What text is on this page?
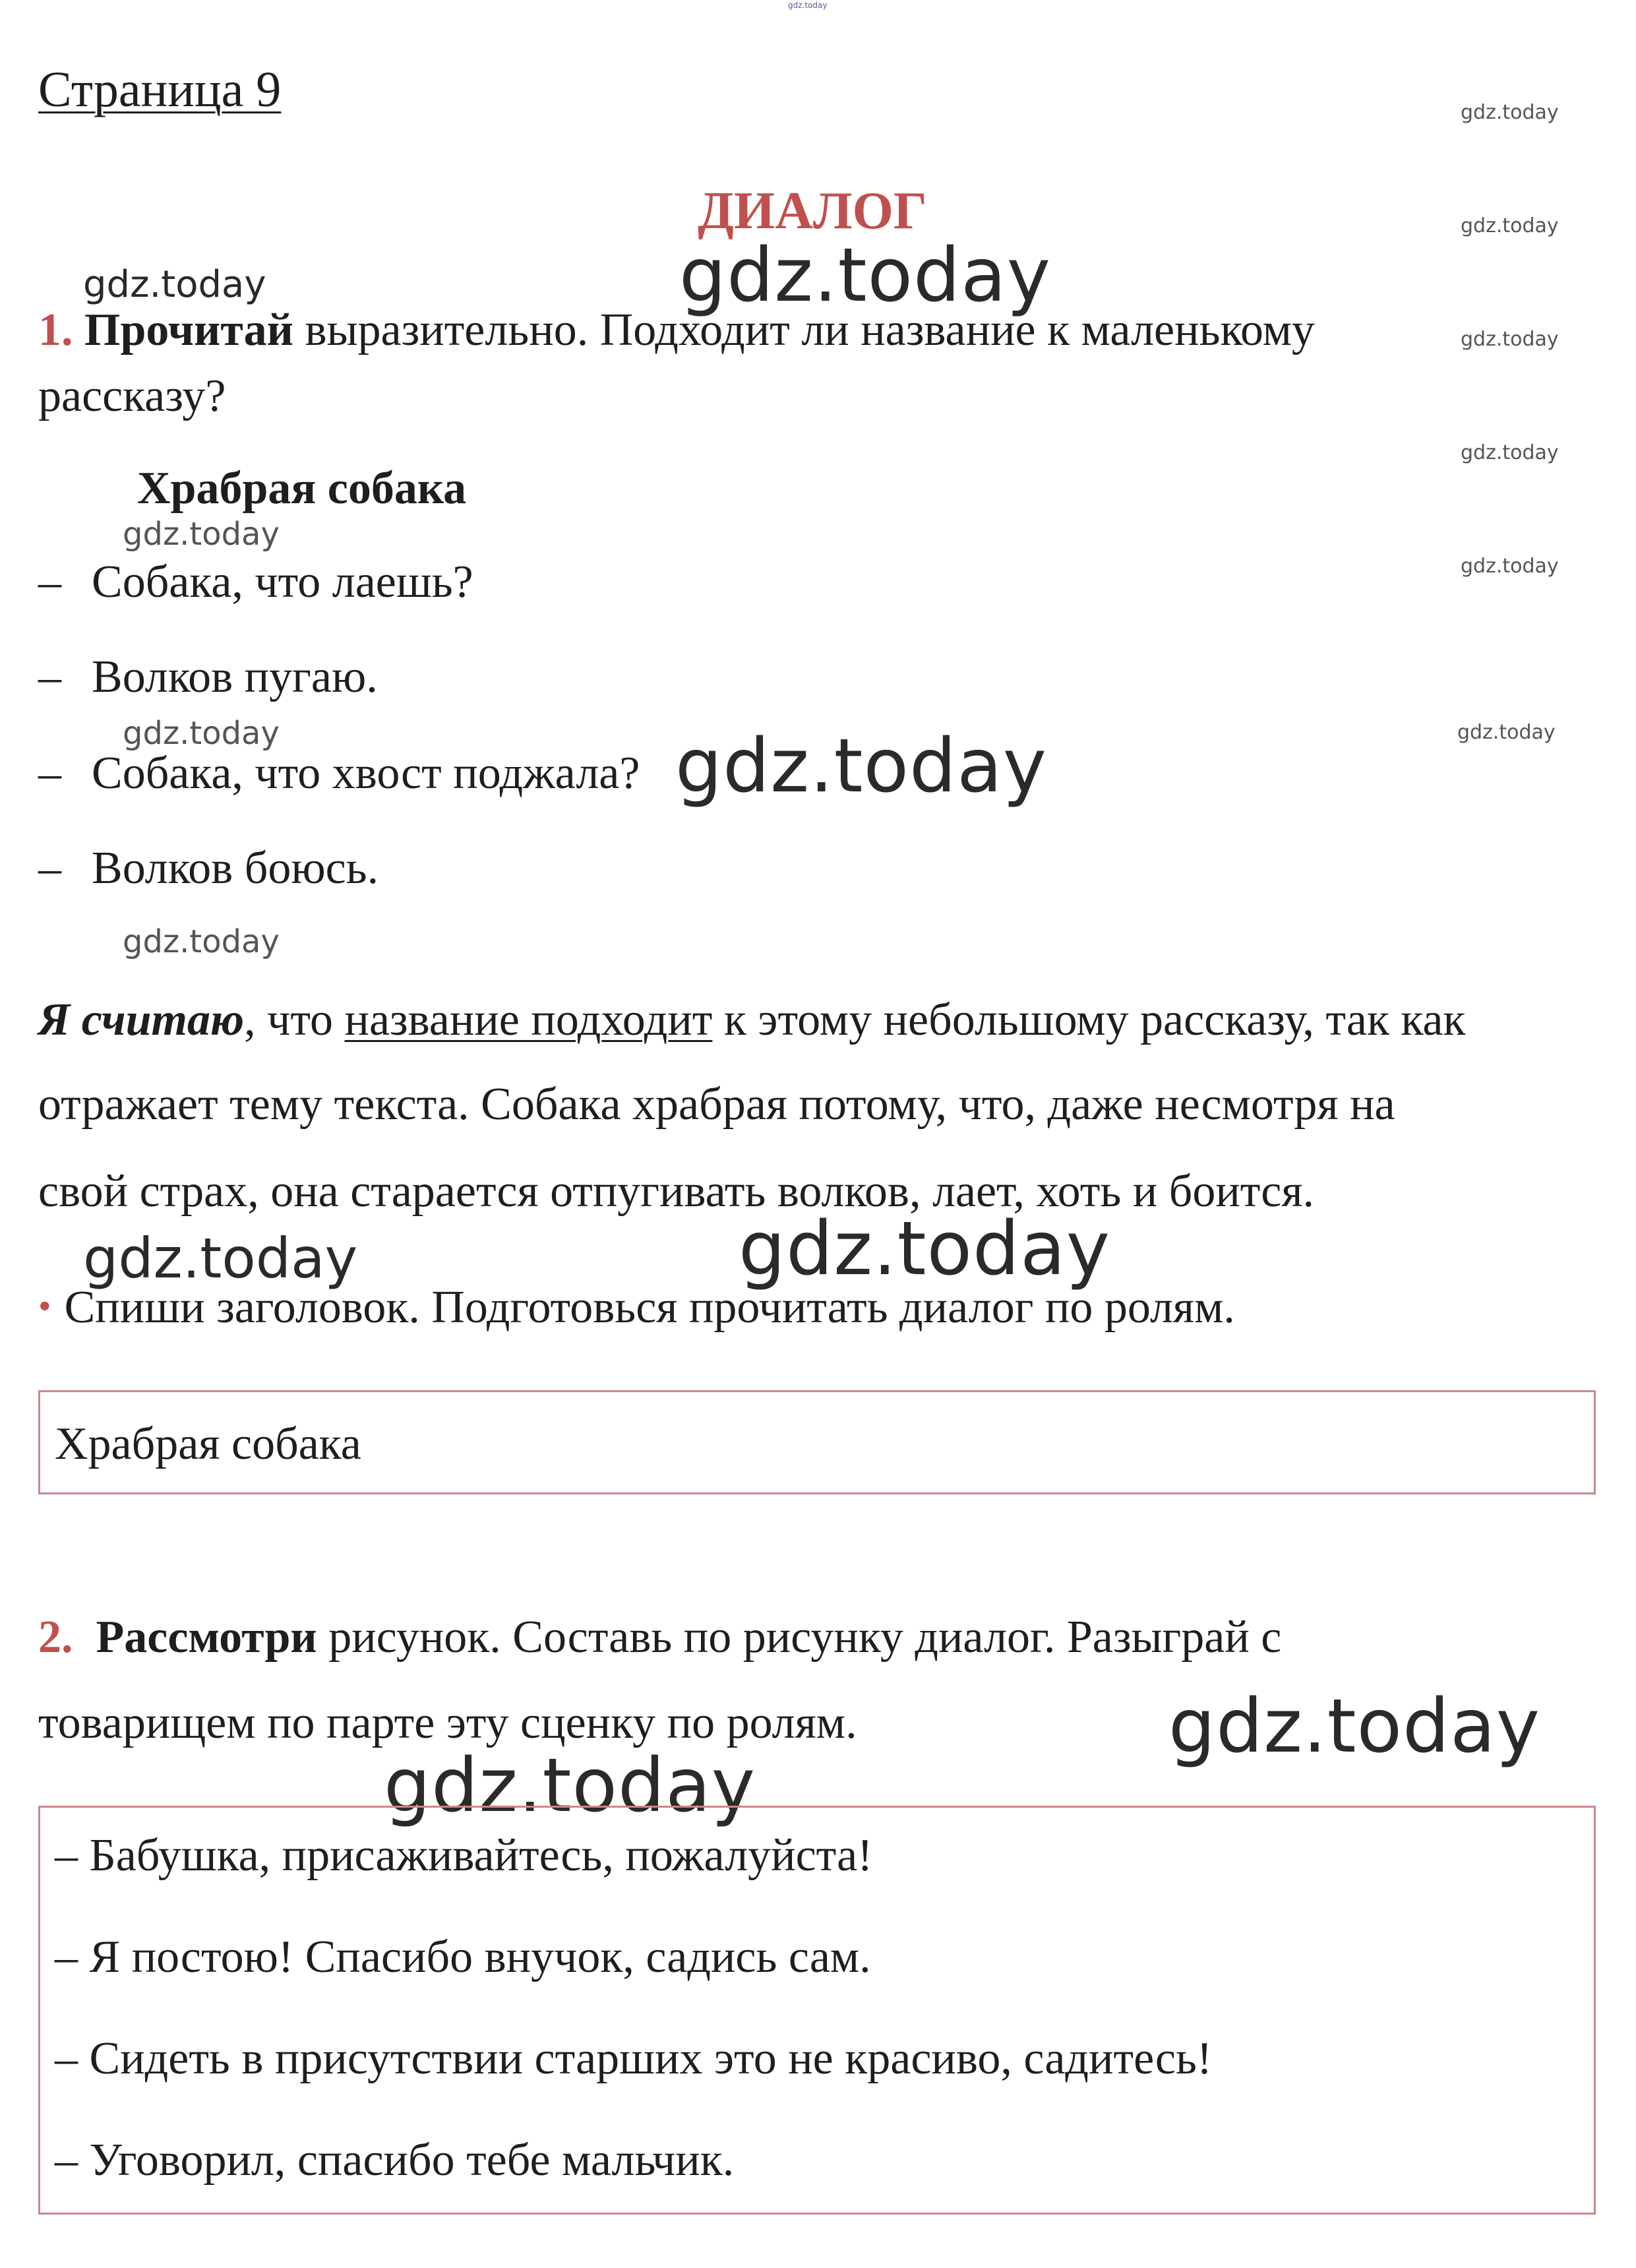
gdz.today
gdz.today
gdz.today
gdz.today
gdz.today
gdz.today
gdz.today
Страница 9
ДИАЛОГ
gdz.today	gdz.today
1. Прочитай выразительно. Подходит ли название к маленькому
рассказу?
Храбрая собака
gdz.today
– Собака, что лаешь?
– Волков пугаю.
gdz.today
– Собака, что хвост поджала? gdz.today
– Волков боюсь.
gdz.today
Я считаю, что название подходит к этому небольшому рассказу, так как
отражает тему текста. Собака храбрая потому, что, даже несмотря на
свой страх, она старается отпугивать волков, лает, хоть и боится.
gdz.today	gdz.today
• Спиши заголовок. Подготовься прочитать диалог по ролям.
Храбрая собака
2. Рассмотри рисунок. Составь по рисунку диалог. Разыграй с
товарищем по парте эту сценку по ролям.	gdz.today
gdz.today
– Бабушка, присаживайтесь, пожалуйста!
– Я постою! Спасибо внучок, садись сам.
– Сидеть в присутствии старших это не красиво, садитесь!
– Уговорил, спасибо тебе мальчик.
